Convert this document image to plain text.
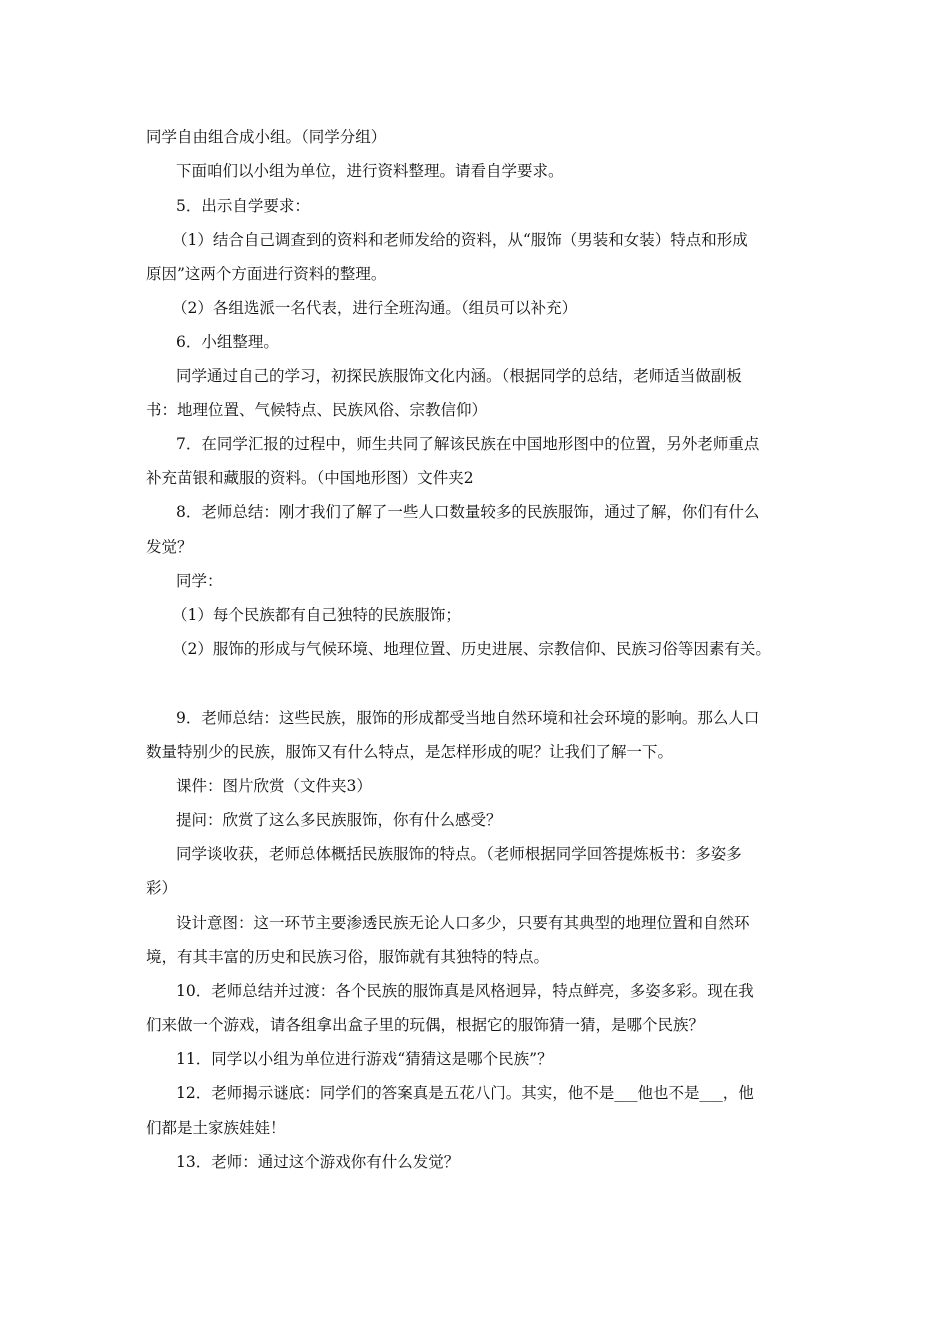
同学自由组合成小组。（同学分组）
下面咱们以小组为单位，进行资料整理。请看自学要求。
5．出示自学要求：
（1）结合自己调查到的资料和老师发给的资料，从“服饰（男装和女装）特点和形成
原因”这两个方面进行资料的整理。
（2）各组选派一名代表，进行全班沟通。（组员可以补充）
6．小组整理。
同学通过自己的学习，初探民族服饰文化内涵。（根据同学的总结，老师适当做副板
书：地理位置、气候特点、民族风俗、宗教信仰）
7．在同学汇报的过程中，师生共同了解该民族在中国地形图中的位置，另外老师重点
补充苗银和藏服的资料。（中国地形图）文件夹2
8．老师总结：刚才我们了解了一些人口数量较多的民族服饰，通过了解，你们有什么
发觉？
同学：
（1）每个民族都有自己独特的民族服饰；
（2）服饰的形成与气候环境、地理位置、历史进展、宗教信仰、民族习俗等因素有关。
9．老师总结：这些民族，服饰的形成都受当地自然环境和社会环境的影响。那么人口
数量特别少的民族，服饰又有什么特点，是怎样形成的呢？让我们了解一下。
课件：图片欣赏（文件夹3）
提问：欣赏了这么多民族服饰，你有什么感受？
同学谈收获，老师总体概括民族服饰的特点。（老师根据同学回答提炼板书：多姿多
彩）
设计意图：这一环节主要渗透民族无论人口多少，只要有其典型的地理位置和自然环
境，有其丰富的历史和民族习俗，服饰就有其独特的特点。
10．老师总结并过渡：各个民族的服饰真是风格迥异，特点鲜亮，多姿多彩。现在我
们来做一个游戏，请各组拿出盒子里的玩偶，根据它的服饰猜一猜，是哪个民族？
11．同学以小组为单位进行游戏“猜猜这是哪个民族”？
12．老师揭示谜底：同学们的答案真是五花八门。其实，他不是___他也不是___，他
们都是土家族娃娃！
13．老师：通过这个游戏你有什么发觉？
